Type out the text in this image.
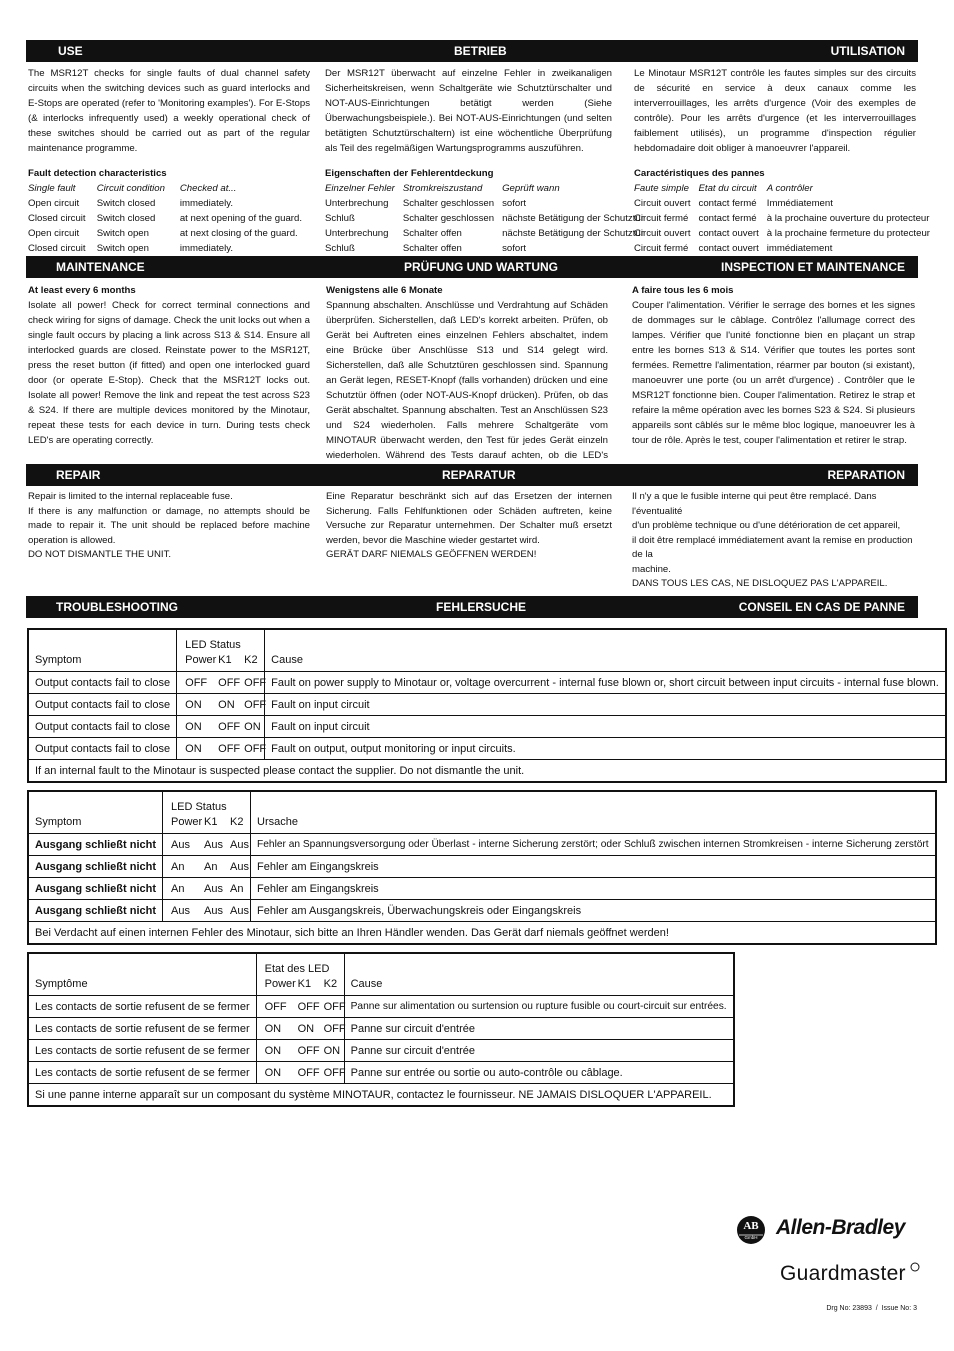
USE	BETRIEB	UTILISATION

The MSR12T checks for single faults of dual channel safety circuits when the switching devices such as guard interlocks and E-Stops are operated (refer to 'Monitoring examples'). For E-Stops (& interlocks infrequently used) a weekly operational check of these switches should be carried out as part of the regular maintenance programme.

Fault detection characteristics
Single fault	Circuit condition	Checked at...
Open circuit	Switch closed	immediately.
Closed circuit	Switch closed	at next opening of the guard.
Open circuit	Switch open	at next closing of the guard.
Closed circuit	Switch open	immediately.

Der MSR12T überwacht auf einzelne Fehler in zweikanaligen Sicherheitskreisen, wenn Schaltgeräte wie Schutztürschalter und NOT-AUS-Einrichtungen betätigt werden (Siehe Überwachungsbeispiele.). Bei NOT-AUS-Einrichtungen (und selten betätigten Schutztürschaltern) ist eine wöchentliche Überprüfung als Teil des regelmäßigen Wartungsprogramms auszuführen.

Eigenschaften der Fehlerentdeckung
Einzelner Fehler	Stromkreiszustand	Geprüft wann
Unterbrechung	Schalter geschlossen	sofort
Schluß	Schalter geschlossen	nächste Betätigung der Schutztür
Unterbrechung	Schalter offen	nächste Betätigung der Schutztür
Schluß	Schalter offen	sofort

Le Minotaur MSR12T contrôle les fautes simples sur des circuits de sécurité en service à deux canaux comme les interverrouillages, les arrêts d'urgence (Voir des exemples de contrôle). Pour les arrêts d'urgence (et les interverrouillages faiblement utilisés), un programme d'inspection régulier hebdomadaire doit obliger à manoeuvrer l'appareil.

Caractéristiques des pannes
Faute simple	Etat du circuit	A contrôler
Circuit ouvert	contact fermé	Immédiatement
Circuit fermé	contact fermé	à la prochaine ouverture du protecteur
Circuit ouvert	contact ouvert	à la prochaine fermeture du protecteur
Circuit fermé	contact ouvert	immédiatement
MAINTENANCE	PRÜFUNG UND WARTUNG	INSPECTION ET MAINTENANCE
At least every 6 months

Isolate all power! Check for correct terminal connections and check wiring for signs of damage. Check the unit locks out when a single fault occurs by placing a link across S13 & S14. Ensure all interlocked guards are closed. Reinstate power to the MSR12T, press the reset button (if fitted) and open one interlocked guard door (or operate E-Stop). Check that the MSR12T locks out. Isolate all power! Remove the link and repeat the test across S23 & S24. If there are multiple devices monitored by the Minotaur, repeat these tests for each device in turn. During tests check LED's are operating correctly.

Wenigstens alle 6 Monate

Spannung abschalten. Anschlüsse und Verdrahtung auf Schäden überprüfen. Sicherstellen, daß LED's korrekt arbeiten. Prüfen, ob Gerät bei Auftreten eines einzelnen Fehlers abschaltet, indem eine Brücke über Anschlüsse S13 und S14 gelegt wird. Sicherstellen, daß alle Schutztüren geschlossen sind. Spannung an Gerät legen, RESET-Knopf (falls vorhanden) drücken und eine Schutztür öffnen (oder NOT-AUS-Knopf drücken). Prüfen, ob das Gerät abschaltet. Spannung abschalten. Test an Anschlüssen S23 und S24 wiederholen. Falls mehrere Schaltgeräte vom MINOTAUR überwacht werden, den Test für jedes Gerät einzeln wiederholen. Während des Tests darauf achten, ob die LED's

A faire tous les 6 mois

Couper l'alimentation. Vérifier le serrage des bornes et les signes de dommages sur le câblage. Contrôlez l'allumage correct des lampes. Vérifier que l'unité fonctionne bien en plaçant un strap entre les bornes S13 & S14. Vérifier que toutes les portes sont fermées. Remettre l'alimentation, réarmer par bouton (si existant), manoeuvrer une porte (ou un arrêt d'urgence) . Contrôler que le MSR12T fonctionne bien. Couper l'alimentation. Retirez le strap et refaire la même opération avec les bornes S23 & S24. Si plusieurs appareils sont câblés sur le même bloc logique, manoeuvrer les à tour de rôle. Après le test, couper l'alimentation et retirer le strap.

REPAIR	REPARATUR	REPARATION

Repair is limited to the internal replaceable fuse.

If there is any malfunction or damage, no attempts should be made to repair it. The unit should be replaced before machine operation is allowed.

DO NOT DISMANTLE THE UNIT.

Eine Reparatur beschränkt sich auf das Ersetzen der internen Sicherung. Falls Fehlfunktionen oder Schäden auftreten, keine Versuche zur Reparatur unternehmen. Der Schalter muß ersetzt werden, bevor die Maschine wieder gestartet wird.

GERÄT DARF NIEMALS GEÖFFNEN WERDEN!

Il n'y a que le fusible interne qui peut être remplacé. Dans l'éventualité

d'un problème technique ou d'une détérioration de cet appareil,

il doit être remplacé immédiatement avant la remise en production de la

machine.

DANS TOUS LES CAS, NE DISLOQUEZ PAS L'APPAREIL.

TROUBLESHOOTING	FEHLERSUCHE	CONSEIL EN CAS DE PANNE
Symptom	LED Status
Power K1 K2	Cause
Output contacts fail to close	OFF OFF OFF	Fault on power supply to Minotaur or, voltage overcurrent - internal fuse blown or, short circuit between input circuits - internal fuse blown.
Output contacts fail to close	ON ON OFF	Fault on input circuit
Output contacts fail to close	ON OFF ON	Fault on input circuit
Output contacts fail to close	ON OFF OFF	Fault on output, output monitoring or input circuits.
If an internal fault to the Minotaur is suspected please contact the supplier. Do not dismantle the unit.		
Symptom	LED Status
Power K1 K2	Ursache
Ausgang schließt nicht	Aus Aus Aus	Fehler an Spannungsversorgung oder Überlast - interne Sicherung zerstört; oder Schluß zwischen internen Stromkreisen - interne Sicherung zerstört
Ausgang schließt nicht	An An Aus	Fehler am Eingangskreis
Ausgang schließt nicht	An Aus An	Fehler am Eingangskreis
Ausgang schließt nicht	Aus Aus Aus	Fehler am Ausgangskreis, Überwachungskreis oder Eingangskreis
Bei Verdacht auf einen internen Fehler des Minotaur, sich bitte an Ihren Händler wenden. Das Gerät darf niemals geöffnet werden!		
Symptôme	Etat des LED
Power K1 K2	Cause
Les contacts de sortie refusent de se fermer	OFF OFF OFF	Panne sur alimentation ou surtension ou rupture fusible ou court-circuit sur entrées.
Les contacts de sortie refusent de se fermer	ON ON OFF	Panne sur circuit d'entrée
Les contacts de sortie refusent de se fermer	ON OFF ON	Panne sur circuit d'entrée
Les contacts de sortie refusent de se fermer	ON OFF OFF	Panne sur entrée ou sortie ou auto-contrôle ou câblage.
Si une panne interne apparaît sur un composant du système MINOTAUR, contactez le fournisseur. NE JAMAIS DISLOQUER L'APPAREIL.		
AB
GmbH Allen-Bradley
Guardmaster
Drg No: 23893  /  Issue No: 3
